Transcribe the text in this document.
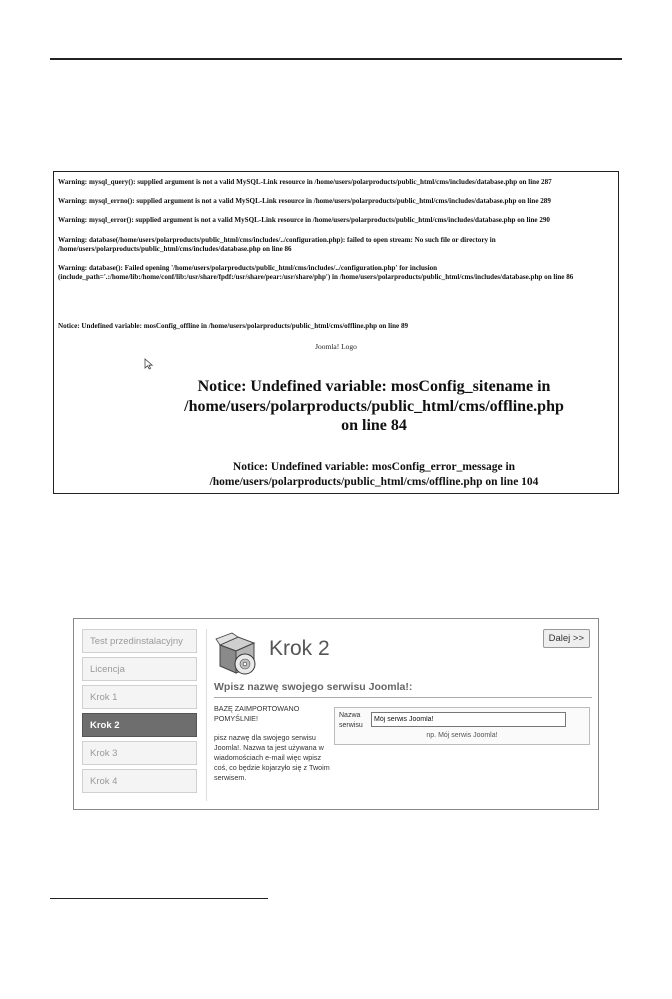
Warning: mysql_query(): supplied argument is not a valid MySQL-Link resource in /home/users/polarproducts/public_html/cms/includes/database.php on line 287
Warning: mysql_errno(): supplied argument is not a valid MySQL-Link resource in /home/users/polarproducts/public_html/cms/includes/database.php on line 289
Warning: mysql_error(): supplied argument is not a valid MySQL-Link resource in /home/users/polarproducts/public_html/cms/includes/database.php on line 290
Warning: database(/home/users/polarproducts/public_html/cms/includes/../configuration.php): failed to open stream: No such file or directory in
/home/users/polarproducts/public_html/cms/includes/database.php on line 86
Warning: database(): Failed opening '/home/users/polarproducts/public_html/cms/includes/../configuration.php' for inclusion
(include_path='.:/home/lib:/home/conf/lib:/usr/share/fpdf:/usr/share/pear:/usr/share/php') in /home/users/polarproducts/public_html/cms/includes/database.php on line 86
Notice: Undefined variable: mosConfig_offline in /home/users/polarproducts/public_html/cms/offline.php on line 89
Joomla! Logo
Notice: Undefined variable: mosConfig_sitename in
/home/users/polarproducts/public_html/cms/offline.php
on line 84
Notice: Undefined variable: mosConfig_error_message in
/home/users/polarproducts/public_html/cms/offline.php on line 104
Test przedinstalacyjny
Licencja
Krok 1
Krok 2
Krok 3
Krok 4
Krok 2	Dalej >>
Wpisz nazwę swojego serwisu Joomla!:

BAZĘ ZAIMPORTOWANO POMYŚLNIE!

pisz nazwę dla swojego serwisu Joomla!. Nazwa ta jest używana w wiadomościach e-mail więc wpisz coś, co będzie kojarzyło się z Twoim serwisem.

Nazwa serwisu
Mój serwis Joomla!
np. Mój serwis Joomla!
